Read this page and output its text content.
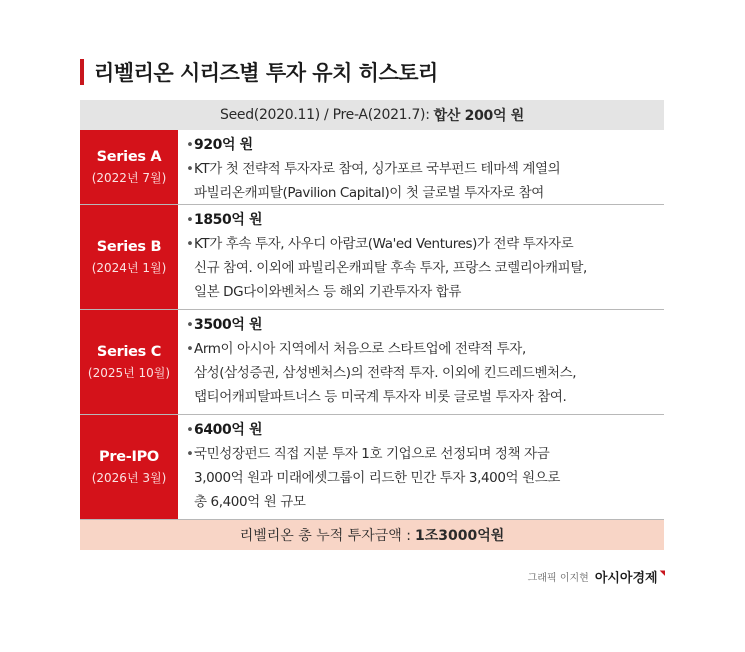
리벨리온 시리즈별 투자 유치 히스토리
Seed(2020.11) / Pre-A(2021.7): 합산 200억 원
Series A
(2022년 7월)
•920억 원
•KT가 첫 전략적 투자자로 참여, 싱가포르 국부펀드 테마섹 계열의
파빌리온캐피탈(Pavilion Capital)이 첫 글로벌 투자자로 참여
Series B
(2024년 1월)
•1850억 원
•KT가 후속 투자, 사우디 아람코(Wa'ed Ventures)가 전략 투자자로
신규 참여. 이외에 파빌리온캐피탈 후속 투자, 프랑스 코렐리아캐피탈,
일본 DG다이와벤처스 등 해외 기관투자자 합류
Series C
(2025년 10월)
•3500억 원
•Arm이 아시아 지역에서 처음으로 스타트업에 전략적 투자,
삼성(삼성증권, 삼성벤처스)의 전략적 투자. 이외에 킨드레드벤처스,
탭티어캐피탈파트너스 등 미국계 투자자 비롯 글로벌 투자자 참여.
Pre-IPO
(2026년 3월)
•6400억 원
•국민성장펀드 직접 지분 투자 1호 기업으로 선정되며 정책 자금
3,000억 원과 미래에셋그룹이 리드한 민간 투자 3,400억 원으로
총 6,400억 원 규모
리벨리온 총 누적 투자금액 : 1조3000억원
그래픽 이지현 아시아경제 ◥
